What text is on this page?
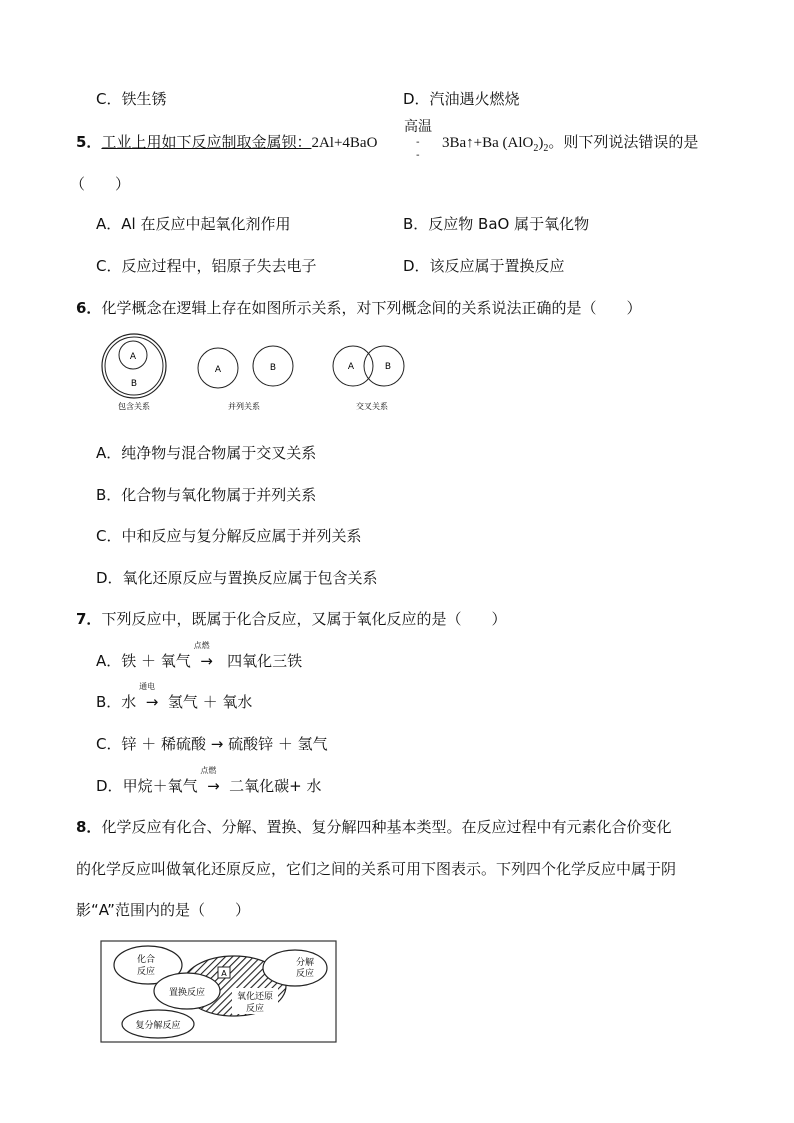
C．铁生锈	D．汽油遇火燃烧
高温
-
-
5．工业上用如下反应制取金属钡：2Al+4BaO	3Ba↑+Ba $(AlO_2)_2$。则下列说法错误的是
（　　）
A．Al 在反应中起氧化剂作用	B．反应物 BaO 属于氧化物
C．反应过程中，铝原子失去电子	D．该反应属于置换反应
6．化学概念在逻辑上存在如图所示关系，对下列概念间的关系说法正确的是（　　）
A
B
包含关系
A	B
并列关系
A	B
交叉关系
A．纯净物与混合物属于交叉关系
B．化合物与氧化物属于并列关系
C．中和反应与复分解反应属于并列关系
D．氧化还原反应与置换反应属于包含关系
7．下列反应中，既属于化合反应，又属于氧化反应的是（　　）
A．铁 ＋ 氧气
点燃
→ 四氧化三铁
B．水
通电
→ 氢气 ＋ 氧水
C．锌 ＋ 稀硫酸 → 硫酸锌 ＋ 氢气
D．甲烷＋氧气
点燃
→ 二氧化碳+ 水
8．化学反应有化合、分解、置换、复分解四种基本类型。在反应过程中有元素化合价变化
的化学反应叫做氧化还原反应，它们之间的关系可用下图表示。下列四个化学反应中属于阴
影“A”范围内的是（　　）
化合
反应
分解
反应
置换反应
A
氧化还原
反应
复分解反应
